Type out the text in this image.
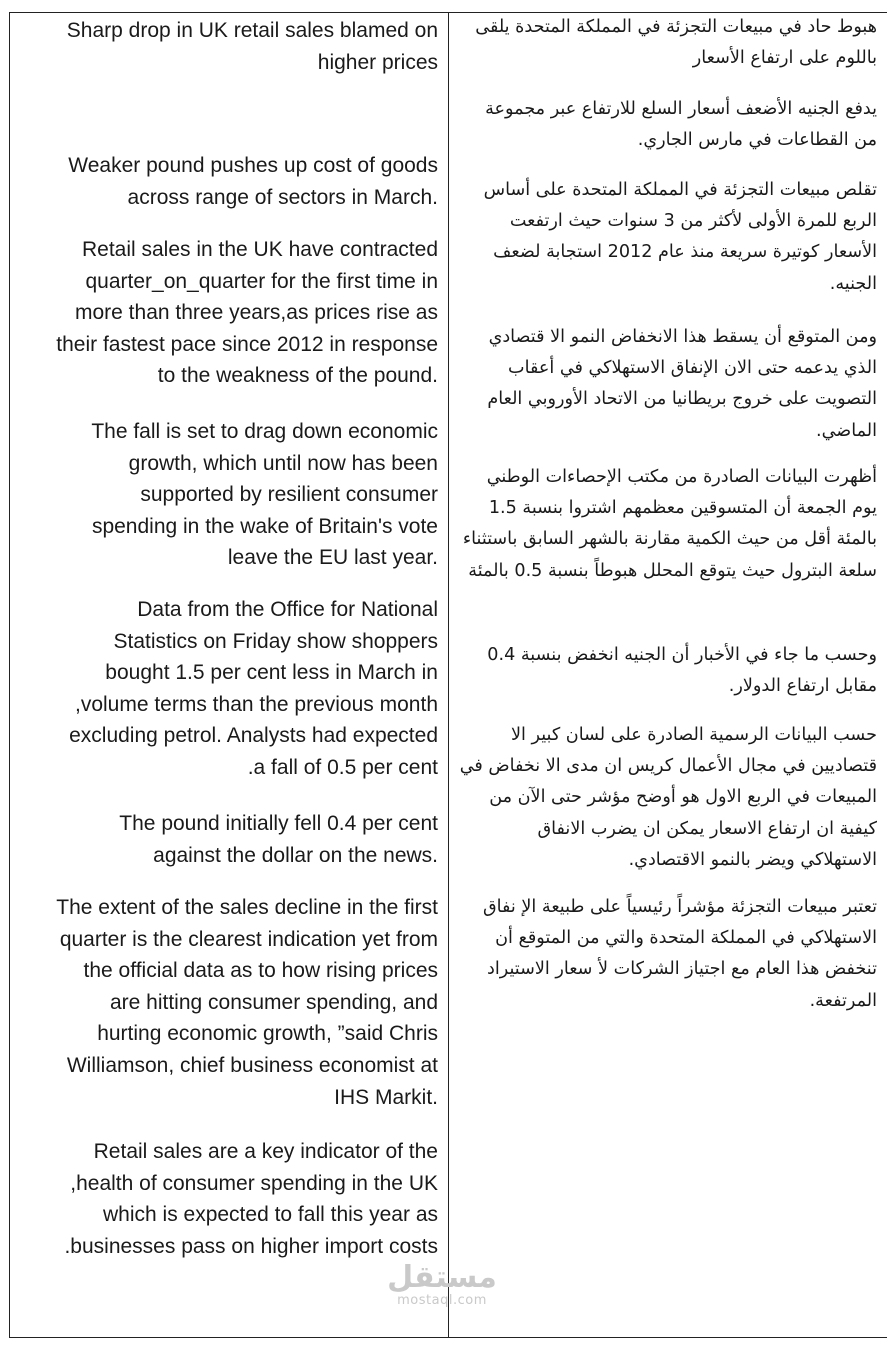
Sharp drop in UK retail sales blamed on
higher prices

Weaker pound pushes up cost of goods
across range of sectors in March.

Retail sales in the UK have contracted
quarter_on_quarter for the first time in
more than three years,as prices rise as
their fastest pace since 2012 in response
to the weakness of the pound.

The fall is set to drag down economic
growth, which until now has been
supported by resilient consumer
spending in the wake of Britain's vote
leave the EU last year.

Data from the Office for National
Statistics on Friday show shoppers
bought 1.5 per cent less in March in
,volume terms than the previous month
excluding petrol. Analysts had expected
.a fall of 0.5 per cent

The pound initially fell 0.4 per cent
against the dollar on the news.

The extent of the sales decline in the first
quarter is the clearest indication yet from
the official data as to how rising prices
are hitting consumer spending, and
hurting economic growth, ”said Chris
Williamson, chief business economist at
IHS Markit.

Retail sales are a key indicator of the
,health of consumer spending in the UK
which is expected to fall this year as
.businesses pass on higher import costs

هبوط حاد في مبيعات التجزئة في المملكة المتحدة يلقى باللوم على ارتفاع الأسعار

يدفع الجنيه الأضعف أسعار السلع للارتفاع عبر مجموعة من القطاعات في مارس الجاري.

تقلص مبيعات التجزئة في المملكة المتحدة على أساس الربع للمرة الأولى لأكثر من 3 سنوات حيث ارتفعت الأسعار كوتيرة سريعة منذ عام 2012 استجابة لضعف الجنيه.

ومن المتوقع أن يسقط هذا الانخفاض النمو الا قتصادي الذي يدعمه حتى الان الإنفاق الاستهلاكي في أعقاب التصويت على خروج بريطانيا من الاتحاد الأوروبي العام الماضي.

أظهرت البيانات الصادرة من مكتب الإحصاءات الوطني يوم الجمعة أن المتسوقين معظمهم اشتروا بنسبة 1.5 بالمئة أقل من حيث الكمية مقارنة بالشهر السابق باستثناء سلعة البترول حيث يتوقع المحلل هبوطاً بنسبة 0.5 بالمئة

وحسب ما جاء في الأخبار أن الجنيه انخفض بنسبة 0.4 مقابل ارتفاع الدولار.

حسب البيانات الرسمية الصادرة على لسان كبير الا قتصاديين في مجال الأعمال كريس ان مدى الا نخفاض في المبيعات في الربع الاول هو أوضح مؤشر حتى الآن من كيفية ان ارتفاع الاسعار يمكن ان يضرب الانفاق الاستهلاكي ويضر بالنمو الاقتصادي.

تعتبر مبيعات التجزئة مؤشراً رئيسياً على طبيعة الإ نفاق الاستهلاكي في المملكة المتحدة والتي من المتوقع أن تنخفض هذا العام مع اجتياز الشركات لأ سعار الاستيراد المرتفعة.

مستقل
mostaql.com
